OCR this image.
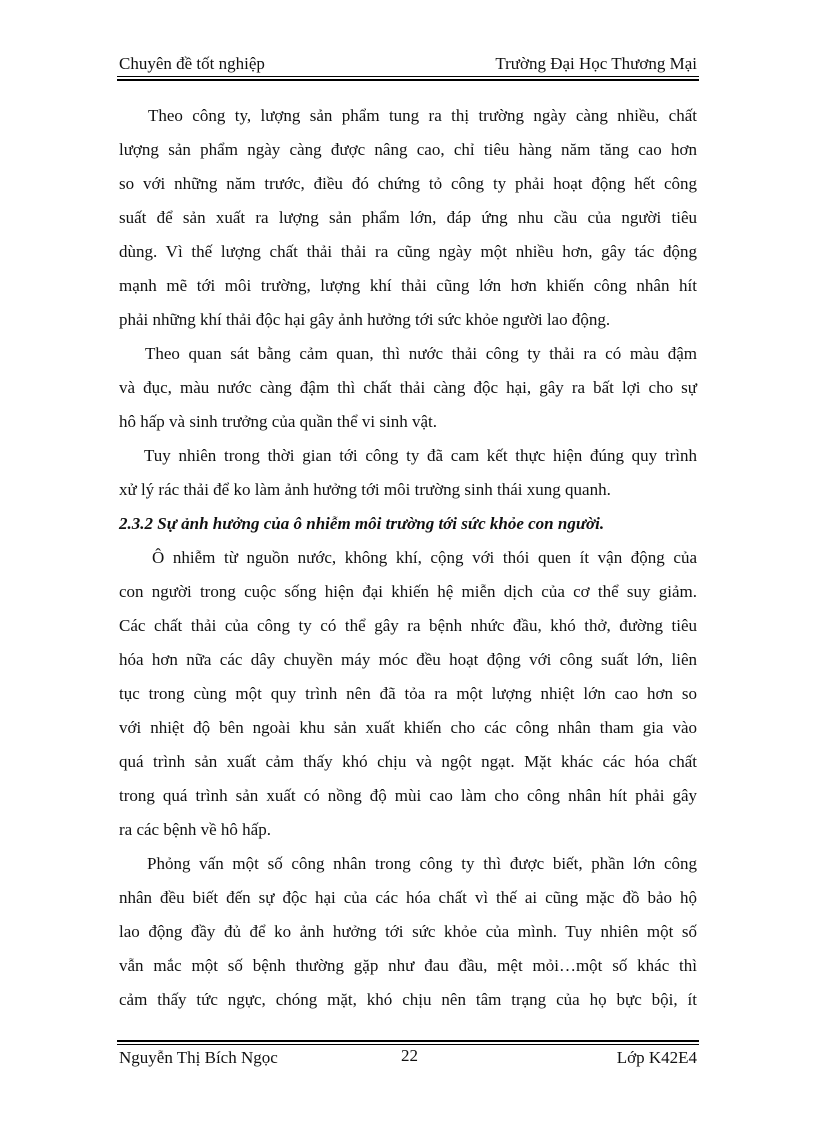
Chuyên đề tốt nghiệp	Trường Đại Học Thương Mại
Theo công ty, lượng sản phẩm tung ra thị trường ngày càng nhiều, chất
lượng sản phẩm ngày càng được nâng cao, chỉ tiêu hàng năm tăng cao hơn
so với những năm trước, điều đó chứng tỏ công ty phải hoạt động hết công
suất để sản xuất ra lượng sản phẩm lớn, đáp ứng nhu cầu của người tiêu
dùng. Vì thế lượng chất thải thải ra cũng ngày một nhiều hơn, gây tác động
mạnh mẽ tới môi trường, lượng khí thải cũng lớn hơn khiến công nhân hít
phải những khí thải độc hại gây ảnh hưởng tới sức khỏe người lao động.
Theo quan sát bằng cảm quan, thì nước thải công ty thải ra có màu đậm
và đục, màu nước càng đậm thì chất thải càng độc hại, gây ra bất lợi cho sự
hô hấp và sinh trưởng của quần thể vi sinh vật.
Tuy nhiên trong thời gian tới công ty đã cam kết thực hiện đúng quy trình
xử lý rác thải để ko làm ảnh hưởng tới môi trường sinh thái xung quanh.
2.3.2 Sự ảnh hưởng của ô nhiễm môi trường tới sức khỏe con người.
Ô nhiễm từ nguồn nước, không khí, cộng với thói quen ít vận động của
con người trong cuộc sống hiện đại khiến hệ miễn dịch của cơ thể suy giảm.
Các chất thải của công ty có thể gây ra bệnh nhức đầu, khó thở, đường tiêu
hóa hơn nữa các dây chuyền máy móc đều hoạt động với công suất lớn, liên
tục trong cùng một quy trình nên đã tỏa ra một lượng nhiệt lớn cao hơn so
với nhiệt độ bên ngoài khu sản xuất khiến cho các công nhân tham gia vào
quá trình sản xuất cảm thấy khó chịu và ngột ngạt. Mặt khác các hóa chất
trong quá trình sản xuất có nồng độ mùi cao làm cho công nhân hít phải gây
ra các bệnh về hô hấp.
Phỏng vấn một số công nhân trong công ty thì được biết, phần lớn công
nhân đều biết đến sự độc hại của các hóa chất vì thế ai cũng mặc đồ bảo hộ
lao động đầy đủ để ko ảnh hưởng tới sức khỏe của mình. Tuy nhiên một số
vẫn mắc một số bệnh thường gặp như đau đầu, mệt mỏi…một số khác thì
cảm thấy tức ngực, chóng mặt, khó chịu nên tâm trạng của họ bực bội, ít
Nguyễn Thị Bích Ngọc	22	Lớp K42E4
